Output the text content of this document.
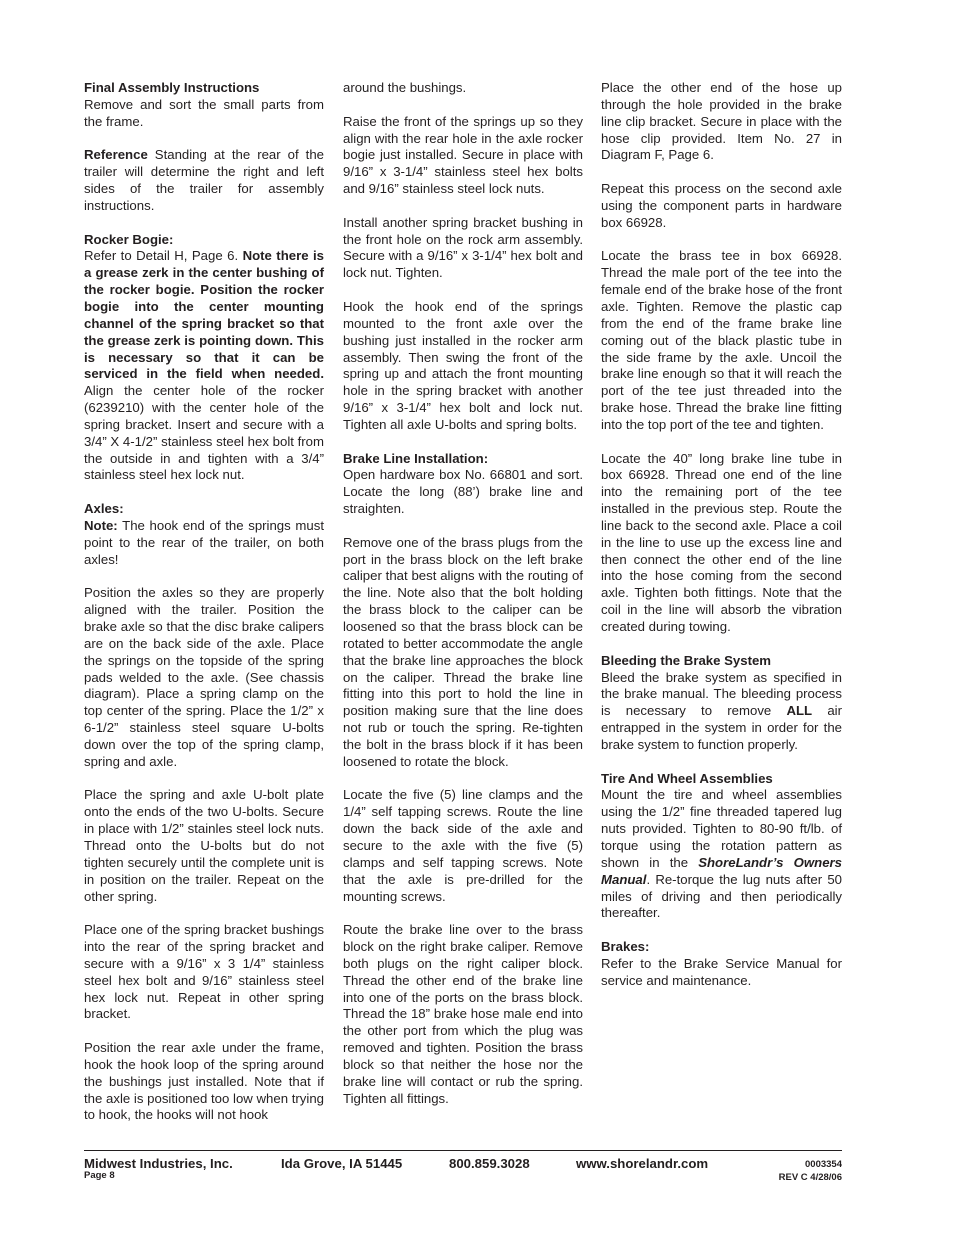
Final Assembly Instructions
Remove and sort the small parts from the frame.

Reference Standing at the rear of the trailer will determine the right and left sides of the trailer for assembly instructions.

Rocker Bogie:
Refer to Detail H, Page 6. Note there is a grease zerk in the center bushing of the rocker bogie. Position the rocker bogie into the center mounting channel of the spring bracket so that the grease zerk is pointing down. This is necessary so that it can be serviced in the field when needed. Align the center hole of the rocker (6239210) with the center hole of the spring bracket. Insert and secure with a 3/4” X 4-1/2” stainless steel hex bolt from the outside in and tighten with a 3/4” stainless steel hex lock nut.

Axles:
Note: The hook end of the springs must point to the rear of the trailer, on both axles!

Position the axles so they are properly aligned with the trailer. Position the brake axle so that the disc brake calipers are on the back side of the axle. Place the springs on the topside of the spring pads welded to the axle. (See chassis diagram). Place a spring clamp on the top center of the spring. Place the 1/2” x 6-1/2” stainless steel square U-bolts down over the top of the spring clamp, spring and axle.

Place the spring and axle U-bolt plate onto the ends of the two U-bolts. Secure in place with 1/2” stainles steel lock nuts. Thread onto the U-bolts but do not tighten securely until the complete unit is in position on the trailer. Repeat on the other spring.

Place one of the spring bracket bushings into the rear of the spring bracket and secure with a 9/16” x 3 1/4” stainless steel hex bolt and 9/16” stainless steel hex lock nut. Repeat in other spring bracket.

Position the rear axle under the frame, hook the hook loop of the spring around the bushings just installed. Note that if the axle is positioned too low when trying to hook, the hooks will not hook

around the bushings.

Raise the front of the springs up so they align with the rear hole in the axle rocker bogie just installed. Secure in place with 9/16” x 3-1/4” stainless steel hex bolts and 9/16” stainless steel lock nuts.

Install another spring bracket bushing in the front hole on the rock arm assembly. Secure with a 9/16” x 3-1/4” hex bolt and lock nut. Tighten.

Hook the hook end of the springs mounted to the front axle over the bushing just installed in the rocker arm assembly. Then swing the front of the spring up and attach the front mounting hole in the spring bracket with another 9/16” x 3-1/4” hex bolt and lock nut. Tighten all axle U-bolts and spring bolts.

Brake Line Installation:
Open hardware box No. 66801 and sort. Locate the long (88’) brake line and straighten.

Remove one of the brass plugs from the port in the brass block on the left brake caliper that best aligns with the routing of the line. Note also that the bolt holding the brass block to the caliper can be loosened so that the brass block can be rotated to better accommodate the angle that the brake line approaches the block on the caliper. Thread the brake line fitting into this port to hold the line in position making sure that the line does not rub or touch the spring. Re-tighten the bolt in the brass block if it has been loosened to rotate the block.

Locate the five (5) line clamps and the 1/4” self tapping screws. Route the line down the back side of the axle and secure to the axle with the five (5) clamps and self tapping screws. Note that the axle is pre-drilled for the mounting screws.

Route the brake line over to the brass block on the right brake caliper. Remove both plugs on the right caliper block. Thread the other end of the brake line into one of the ports on the brass block. Thread the 18” brake hose male end into the other port from which the plug was removed and tighten. Position the brass block so that neither the hose nor the brake line will contact or rub the spring. Tighten all fittings.

Place the other end of the hose up through the hole provided in the brake line clip bracket. Secure in place with the hose clip provided. Item No. 27 in Diagram F, Page 6.

Repeat this process on the second axle using the component parts in hardware box 66928.

Locate the brass tee in box 66928. Thread the male port of the tee into the female end of the brake hose of the front axle. Tighten. Remove the plastic cap from the end of the frame brake line coming out of the black plastic tube in the side frame by the axle. Uncoil the brake line enough so that it will reach the port of the tee just threaded into the brake hose. Thread the brake line fitting into the top port of the tee and tighten.

Locate the 40” long brake line tube in box 66928. Thread one end of the line into the remaining port of the tee installed in the previous step. Route the line back to the second axle. Place a coil in the line to use up the excess line and then connect the other end of the line into the hose coming from the second axle. Tighten both fittings. Note that the coil in the line will absorb the vibration created during towing.

Bleeding the Brake System
Bleed the brake system as specified in the brake manual. The bleeding process is necessary to remove ALL air entrapped in the system in order for the brake system to function properly.

Tire And Wheel Assemblies
Mount the tire and wheel assemblies using the 1/2” fine threaded tapered lug nuts provided. Tighten to 80-90 ft/lb. of torque using the rotation pattern as shown in the ShoreLandr’s Owners Manual. Re-torque the lug nuts after 50 miles of driving and then periodically thereafter.

Brakes:
Refer to the Brake Service Manual for service and maintenance.

Midwest Industries, Inc.
Page 8
Ida Grove, IA 51445	800.859.3028	www.shorelandr.com	0003354
REV C 4/28/06
